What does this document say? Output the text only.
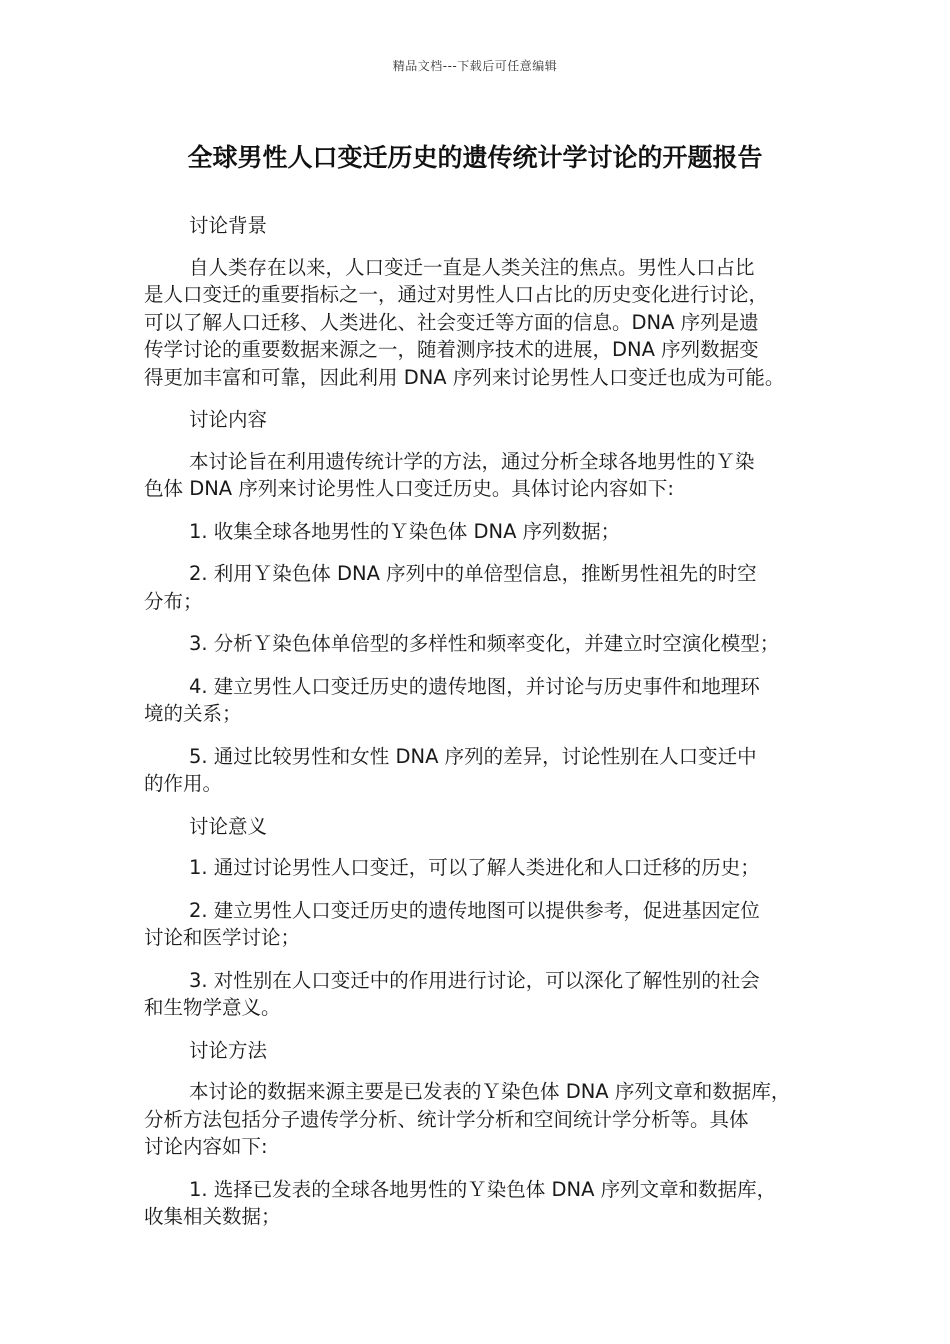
精品文档---下载后可任意编辑
全球男性人口变迁历史的遗传统计学讨论的开题报告

讨论背景

自人类存在以来，人口变迁一直是人类关注的焦点。男性人口占比
是人口变迁的重要指标之一，通过对男性人口占比的历史变化进行讨论，
可以了解人口迁移、人类进化、社会变迁等方面的信息。DNA 序列是遗
传学讨论的重要数据来源之一，随着测序技术的进展，DNA 序列数据变
得更加丰富和可靠，因此利用 DNA 序列来讨论男性人口变迁也成为可能。

讨论内容

本讨论旨在利用遗传统计学的方法，通过分析全球各地男性的Ｙ染
色体 DNA 序列来讨论男性人口变迁历史。具体讨论内容如下:

1. 收集全球各地男性的Ｙ染色体 DNA 序列数据；

2. 利用Ｙ染色体 DNA 序列中的单倍型信息，推断男性祖先的时空
分布；

3. 分析Ｙ染色体单倍型的多样性和频率变化，并建立时空演化模型；

4. 建立男性人口变迁历史的遗传地图，并讨论与历史事件和地理环
境的关系；

5. 通过比较男性和女性 DNA 序列的差异，讨论性别在人口变迁中
的作用。

讨论意义

1. 通过讨论男性人口变迁，可以了解人类进化和人口迁移的历史；

2. 建立男性人口变迁历史的遗传地图可以提供参考，促进基因定位
讨论和医学讨论；

3. 对性别在人口变迁中的作用进行讨论，可以深化了解性别的社会
和生物学意义。

讨论方法

本讨论的数据来源主要是已发表的Ｙ染色体 DNA 序列文章和数据库，
分析方法包括分子遗传学分析、统计学分析和空间统计学分析等。具体
讨论内容如下:

1. 选择已发表的全球各地男性的Ｙ染色体 DNA 序列文章和数据库，
收集相关数据；
